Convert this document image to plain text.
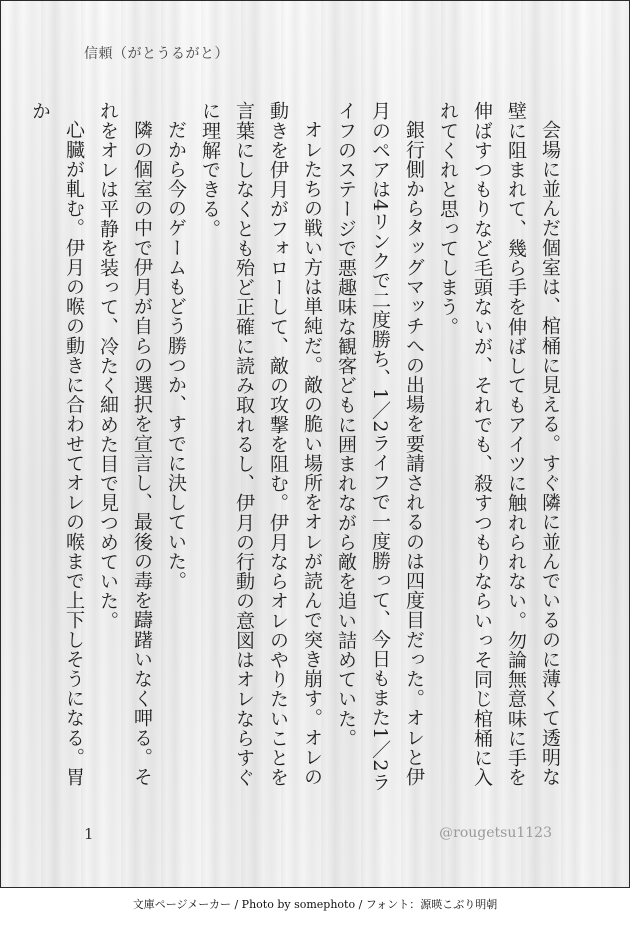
信頼（がとうるがと）

会場に並んだ個室は、棺桶に見える。すぐ隣に並んでいるのに薄くて透明な壁に阻まれて、幾ら手を伸ばしてもアイツに触れられない。勿論無意味に手を伸ばすつもりなど毛頭ないが、それでも、殺すつもりならいっそ同じ棺桶に入れてくれと思ってしまう。

銀行側からタッグマッチへの出場を要請されるのは四度目だった。オレと伊月のペアは4リンクで二度勝ち、1／2ライフで一度勝って、今日もまた1／2ライフのステージで悪趣味な観客どもに囲まれながら敵を追い詰めていた。

オレたちの戦い方は単純だ。敵の脆い場所をオレが読んで突き崩す。オレの動きを伊月がフォローして、敵の攻撃を阻む。伊月ならオレのやりたいことを言葉にしなくとも殆ど正確に読み取れるし、伊月の行動の意図はオレならすぐに理解できる。

だから今のゲームもどう勝つか、すでに決していた。

隣の個室の中で伊月が自らの選択を宣言し、最後の毒を躊躇いなく呷る。それをオレは平静を装って、冷たく細めた目で見つめていた。

心臓が軋む。伊月の喉の動きに合わせてオレの喉まで上下しそうになる。胃か

1	@rougetsu1123
文庫ページメーカー / Photo by somephoto / フォント：源暎こぶり明朝
